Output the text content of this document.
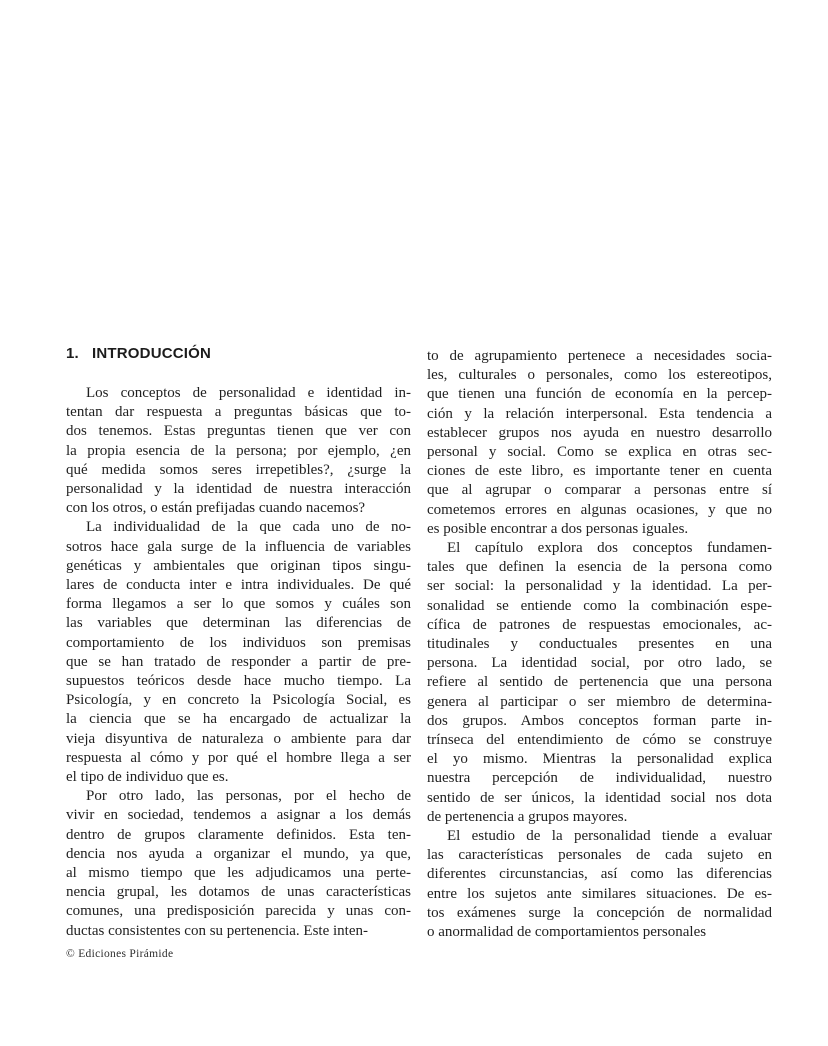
1. INTRODUCCIÓN
Los conceptos de personalidad e identidad in-
tentan dar respuesta a preguntas básicas que to-
dos tenemos. Estas preguntas tienen que ver con
la propia esencia de la persona; por ejemplo, ¿en
qué medida somos seres irrepetibles?, ¿surge la
personalidad y la identidad de nuestra interacción
con los otros, o están prefijadas cuando nacemos?
La individualidad de la que cada uno de no-
sotros hace gala surge de la influencia de variables
genéticas y ambientales que originan tipos singu-
lares de conducta inter e intra individuales. De qué
forma llegamos a ser lo que somos y cuáles son
las variables que determinan las diferencias de
comportamiento de los individuos son premisas
que se han tratado de responder a partir de pre-
supuestos teóricos desde hace mucho tiempo. La
Psicología, y en concreto la Psicología Social, es
la ciencia que se ha encargado de actualizar la
vieja disyuntiva de naturaleza o ambiente para dar
respuesta al cómo y por qué el hombre llega a ser
el tipo de individuo que es.
Por otro lado, las personas, por el hecho de
vivir en sociedad, tendemos a asignar a los demás
dentro de grupos claramente definidos. Esta ten-
dencia nos ayuda a organizar el mundo, ya que,
al mismo tiempo que les adjudicamos una perte-
nencia grupal, les dotamos de unas características
comunes, una predisposición parecida y unas con-
ductas consistentes con su pertenencia. Este inten-
to de agrupamiento pertenece a necesidades socia-
les, culturales o personales, como los estereotipos,
que tienen una función de economía en la percep-
ción y la relación interpersonal. Esta tendencia a
establecer grupos nos ayuda en nuestro desarrollo
personal y social. Como se explica en otras sec-
ciones de este libro, es importante tener en cuenta
que al agrupar o comparar a personas entre sí
cometemos errores en algunas ocasiones, y que no
es posible encontrar a dos personas iguales.
El capítulo explora dos conceptos fundamen-
tales que definen la esencia de la persona como
ser social: la personalidad y la identidad. La per-
sonalidad se entiende como la combinación espe-
cífica de patrones de respuestas emocionales, ac-
titudinales y conductuales presentes en una
persona. La identidad social, por otro lado, se
refiere al sentido de pertenencia que una persona
genera al participar o ser miembro de determina-
dos grupos. Ambos conceptos forman parte in-
trínseca del entendimiento de cómo se construye
el yo mismo. Mientras la personalidad explica
nuestra percepción de individualidad, nuestro
sentido de ser únicos, la identidad social nos dota
de pertenencia a grupos mayores.
El estudio de la personalidad tiende a evaluar
las características personales de cada sujeto en
diferentes circunstancias, así como las diferencias
entre los sujetos ante similares situaciones. De es-
tos exámenes surge la concepción de normalidad
o anormalidad de comportamientos personales
© Ediciones Pirámide
